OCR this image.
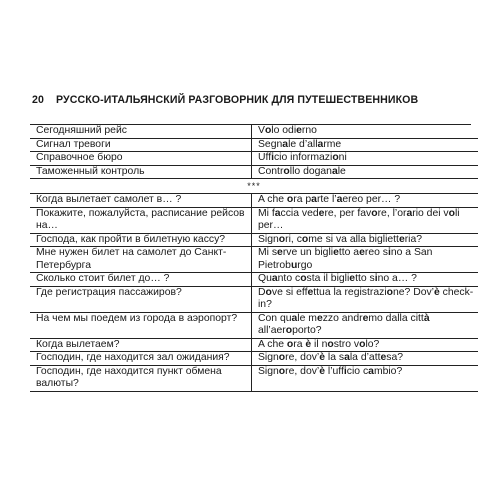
20 РУССКО-ИТАЛЬЯНСКИЙ РАЗГОВОРНИК ДЛЯ ПУТЕШЕСТВЕННИКОВ
Сегодняшний рейс	Volo odierno
Сигнал тревоги	Segnale d’allarme
Справочное бюро	Ufficio informazioni
Таможенный контроль	Controllo doganale
***	
Когда вылетает самолет в… ?	A che ora parte l’aereo per… ?
Покажите, пожалуйста, расписание рейсов на…	Mi faccia vedere, per favore, l’orario dei voli per…
Господа, как пройти в билетную кассу?	Signori, come si va alla biglietteria?
Мне нужен билет на самолет до Санкт-Петербурга	Mi serve un biglietto aereo sino a San Pietroburgo
Сколько стоит билет до… ?	Quanto costa il biglietto sino a… ?
Где регистрация пассажиров?	Dove si effettua la registrazione? Dov’è check-in?
На чем мы поедем из города в аэропорт?	Con quale mezzo andremo dalla città all’aeroporto?
Когда вылетаем?	A che ora è il nostro volo?
Господин, где находится зал ожидания?	Signore, dov’è la sala d’attesa?
Господин, где находится пункт обмена валюты?	Signore, dov’è l’ufficio cambio?
